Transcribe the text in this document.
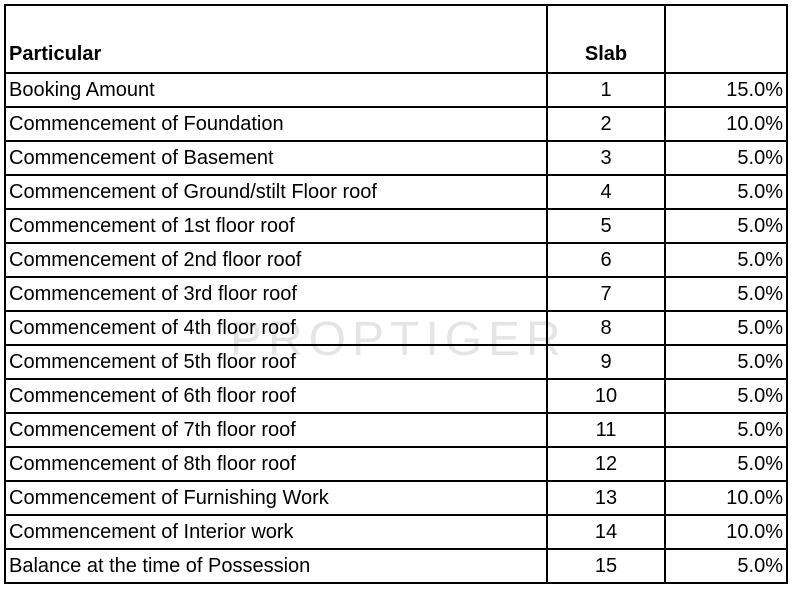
Particular	Slab	
Booking Amount	1	15.0%
Commencement of Foundation	2	10.0%
Commencement of Basement	3	5.0%
Commencement of Ground/stilt Floor roof	4	5.0%
Commencement of 1st floor roof	5	5.0%
Commencement of 2nd floor roof	6	5.0%
Commencement of 3rd floor roof	7	5.0%
Commencement of 4th floor roof	8	5.0%
Commencement of 5th floor roof	9	5.0%
Commencement of 6th floor roof	10	5.0%
Commencement of 7th floor roof	11	5.0%
Commencement of 8th floor roof	12	5.0%
Commencement of Furnishing Work	13	10.0%
Commencement of Interior work	14	10.0%
Balance at the time of Possession	15	5.0%
PROPTIGER
